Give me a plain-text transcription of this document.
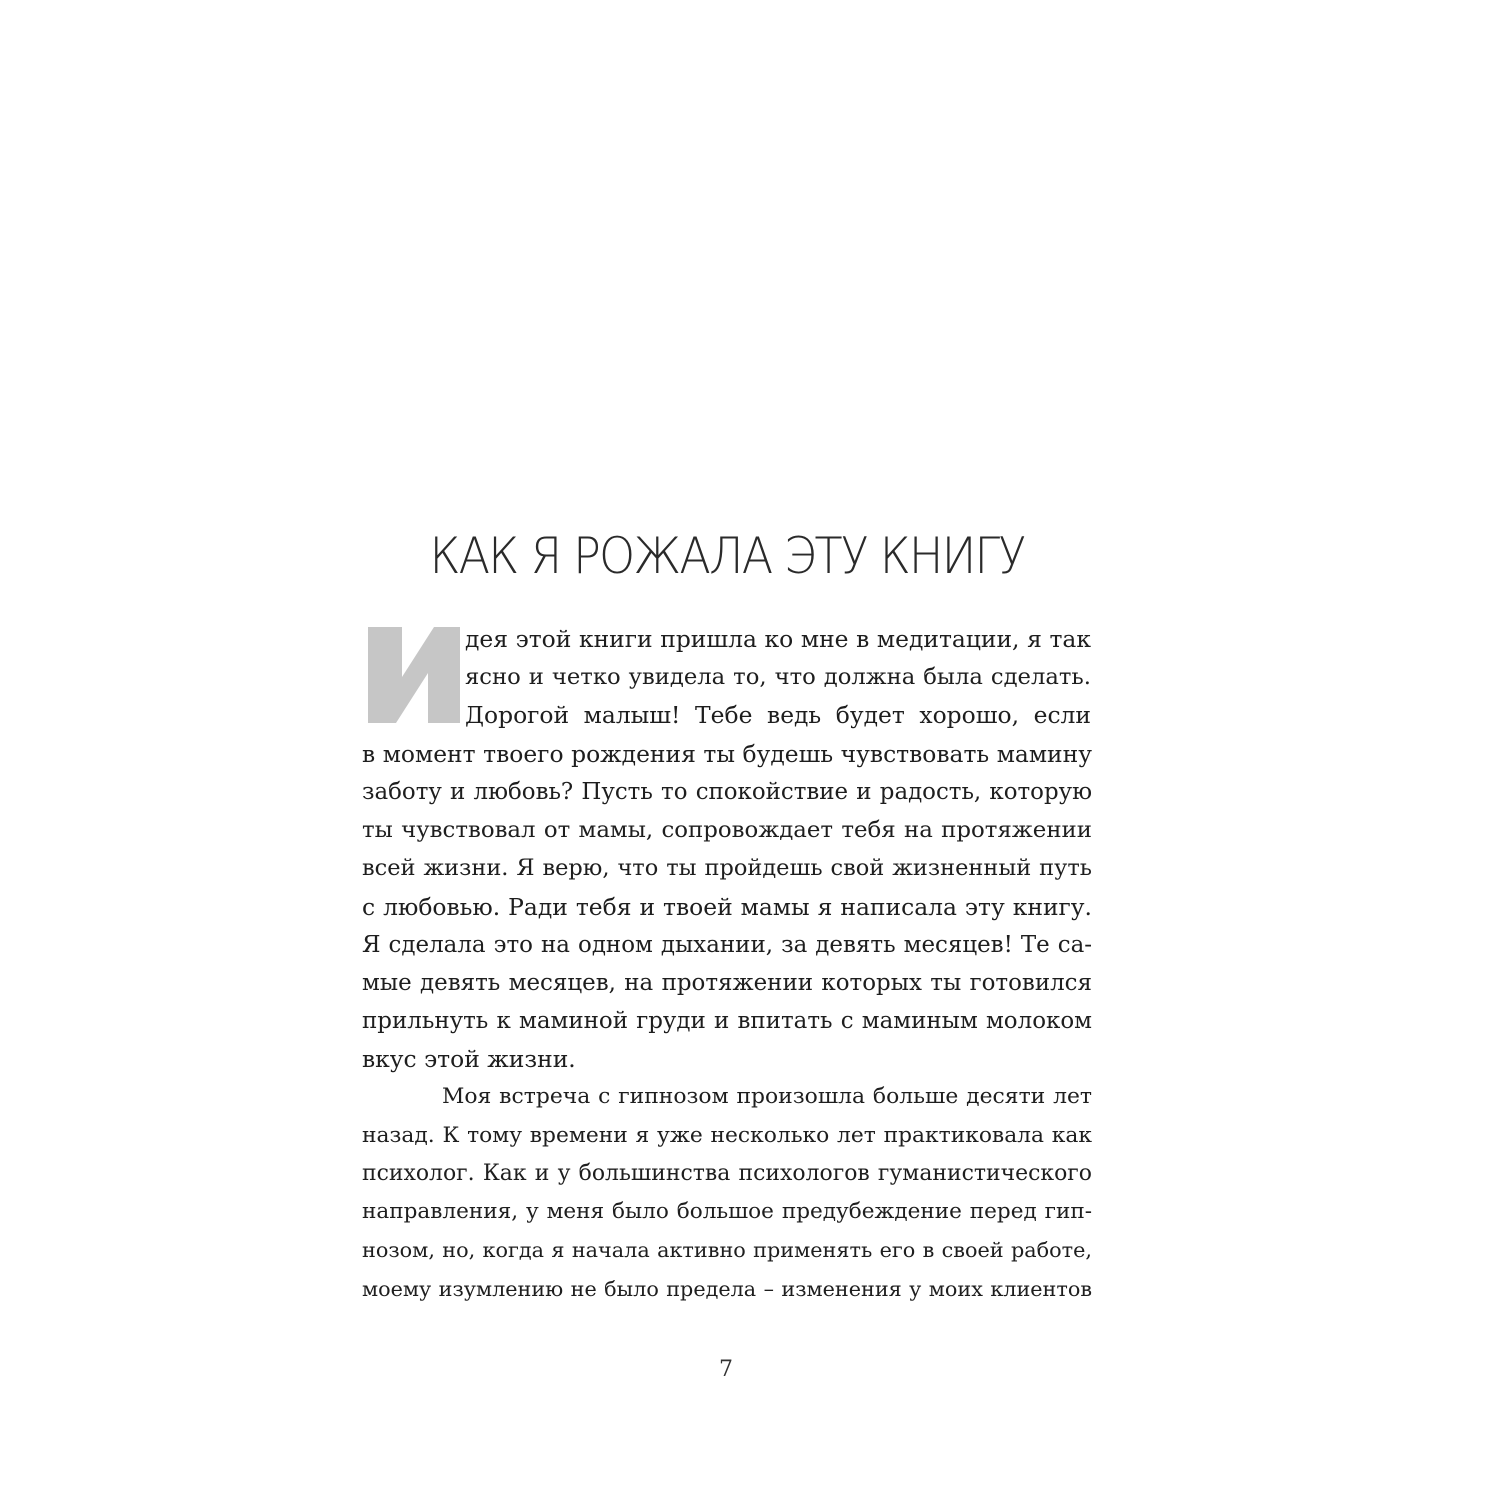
КАК Я РОЖАЛА ЭТУ КНИГУ
дея этой книги пришла ко мне в медитации, я так
ясно и четко увидела то, что должна была сделать.
Дорогой малыш! Тебе ведь будет хорошо, если
в момент твоего рождения ты будешь чувствовать мамину
заботу и любовь? Пусть то спокойствие и радость, которую
ты чувствовал от мамы, сопровождает тебя на протяжении
всей жизни. Я верю, что ты пройдешь свой жизненный путь
с любовью. Ради тебя и твоей мамы я написала эту книгу.
Я сделала это на одном дыхании, за девять месяцев! Те са-
мые девять месяцев, на протяжении которых ты готовился
прильнуть к маминой груди и впитать с маминым молоком
вкус этой жизни.
Моя встреча с гипнозом произошла больше десяти лет
назад. К тому времени я уже несколько лет практиковала как
психолог. Как и у большинства психологов гуманистического
направления, у меня было большое предубеждение перед гип-
нозом, но, когда я начала активно применять его в своей работе,
моему изумлению не было предела – изменения у моих клиентов
7
